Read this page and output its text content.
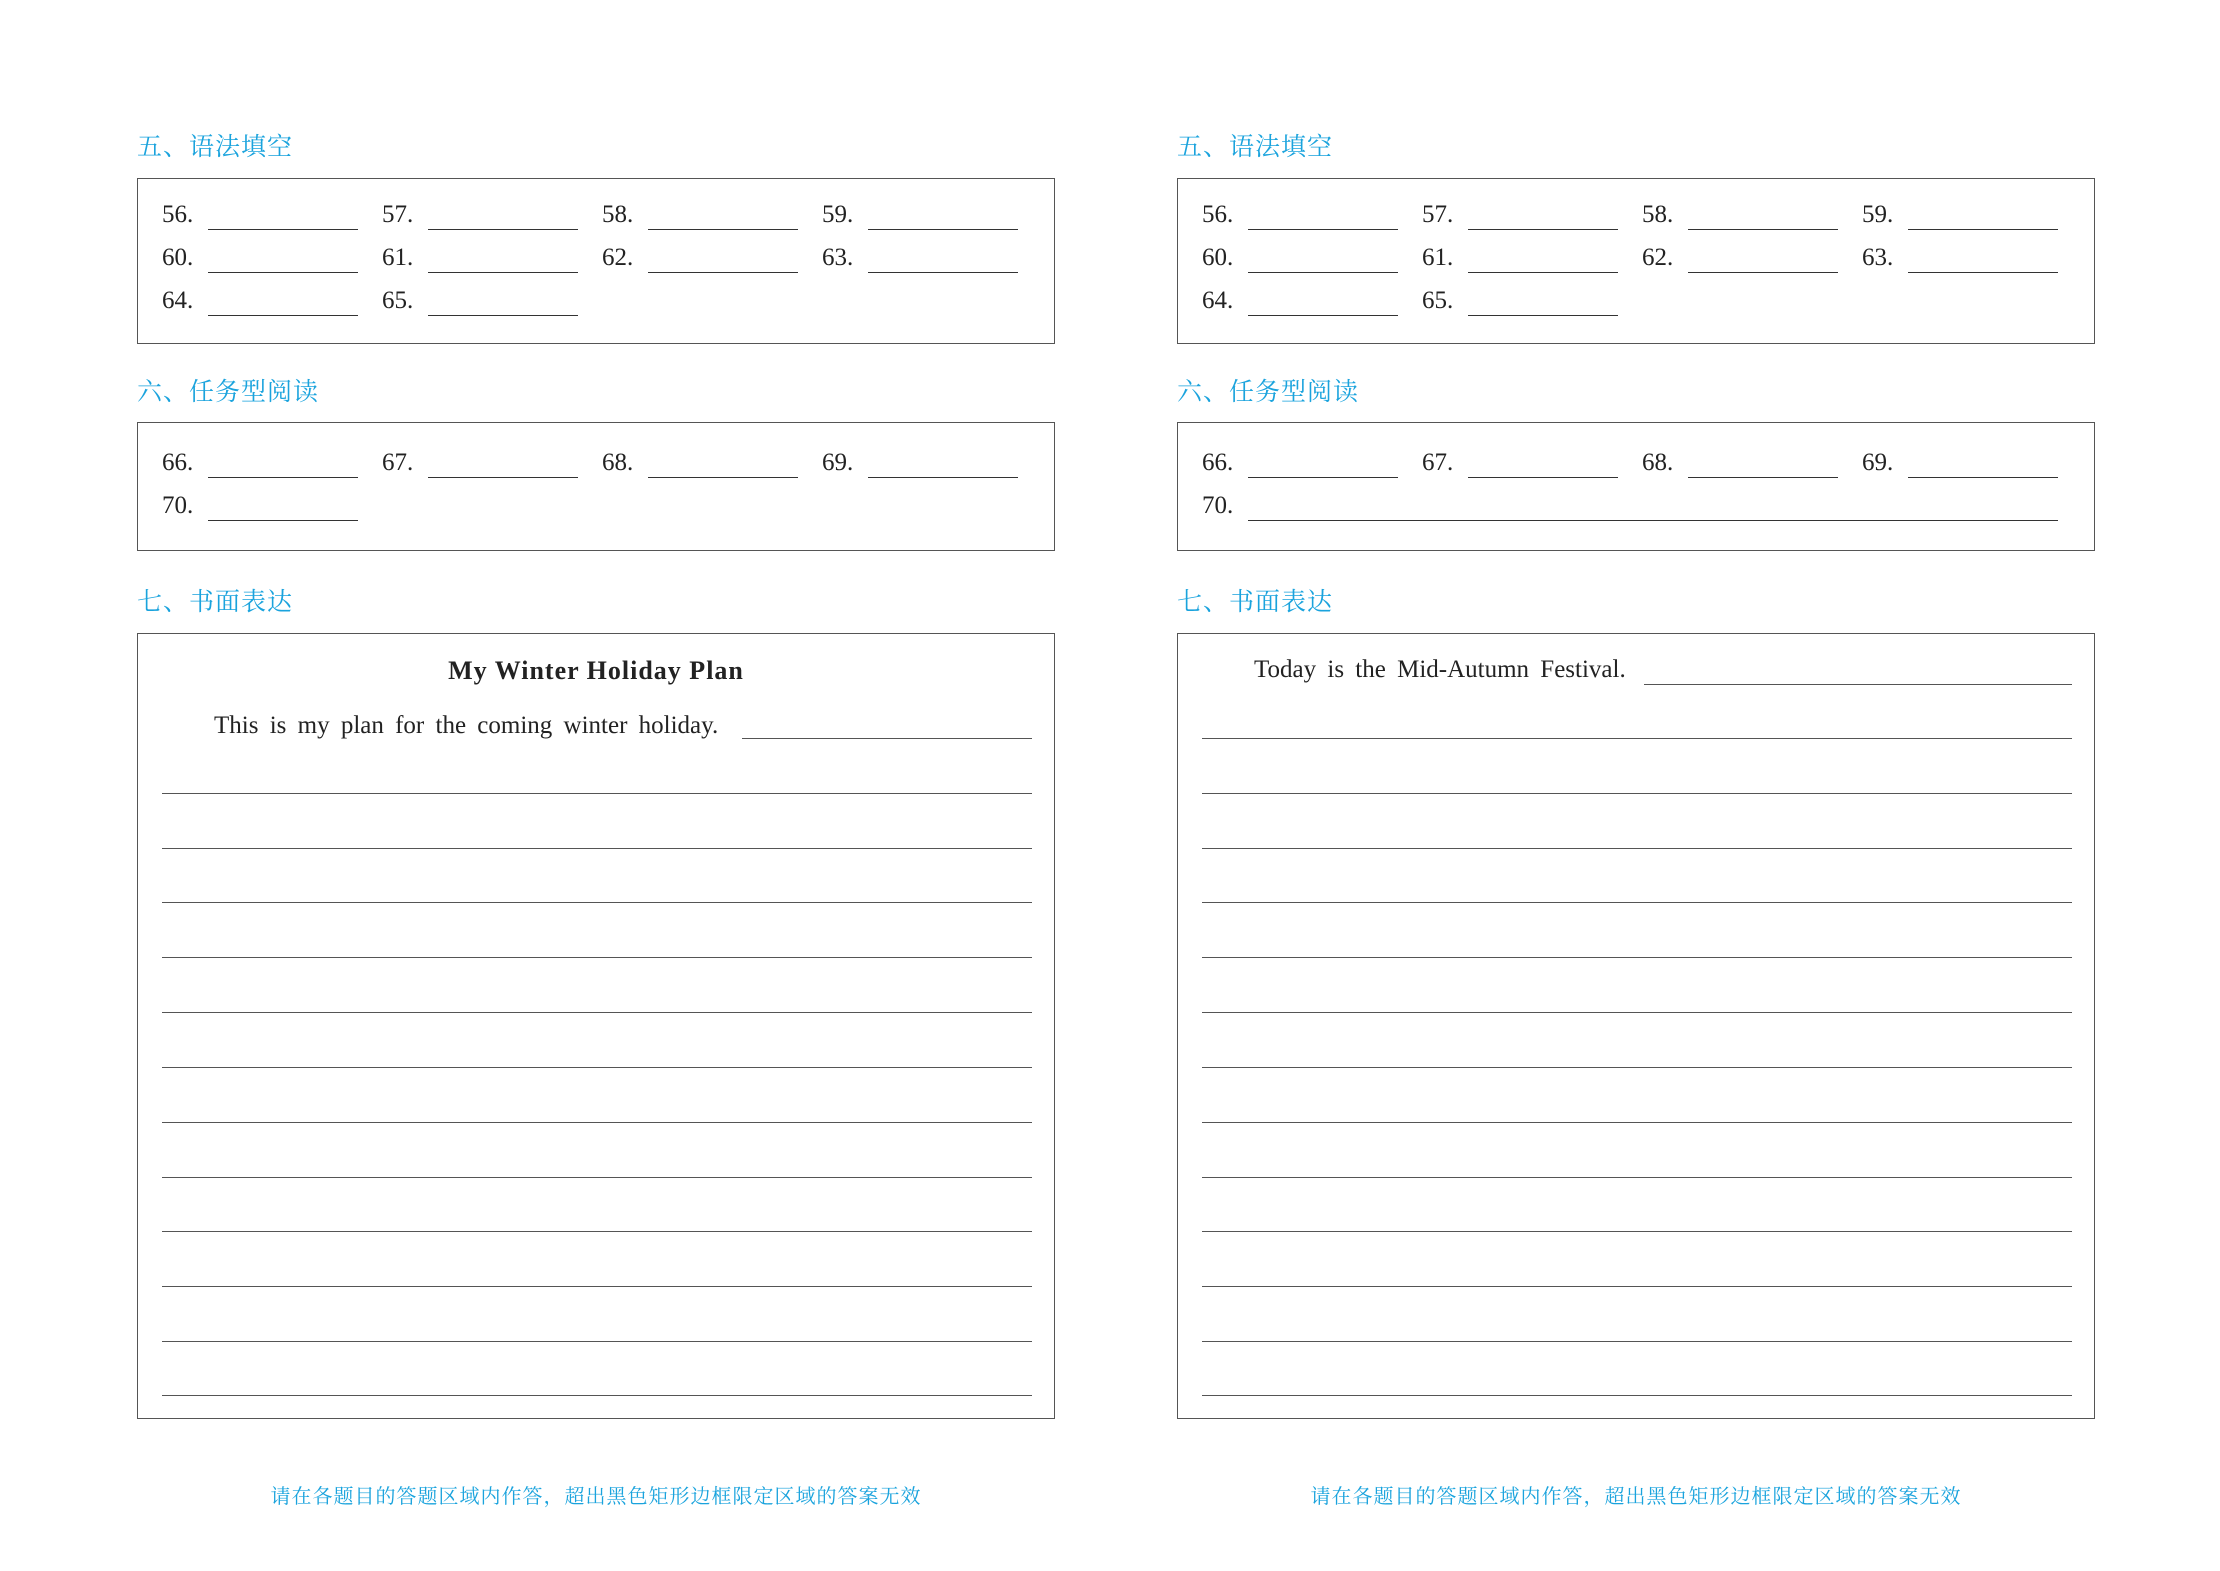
五、语法填空
56.	57.	58.	59.
60.	61.	62.	63.
64.	65.
六、任务型阅读
66.	67.	68.	69.
70.
七、书面表达
My Winter Holiday Plan
This is my plan for the coming winter holiday.
请在各题目的答题区域内作答，超出黑色矩形边框限定区域的答案无效
五、语法填空
56.	57.	58.	59.
60.	61.	62.	63.
64.	65.
六、任务型阅读
66.	67.	68.	69.
70.
七、书面表达
Today is the Mid-Autumn Festival.
请在各题目的答题区域内作答，超出黑色矩形边框限定区域的答案无效
